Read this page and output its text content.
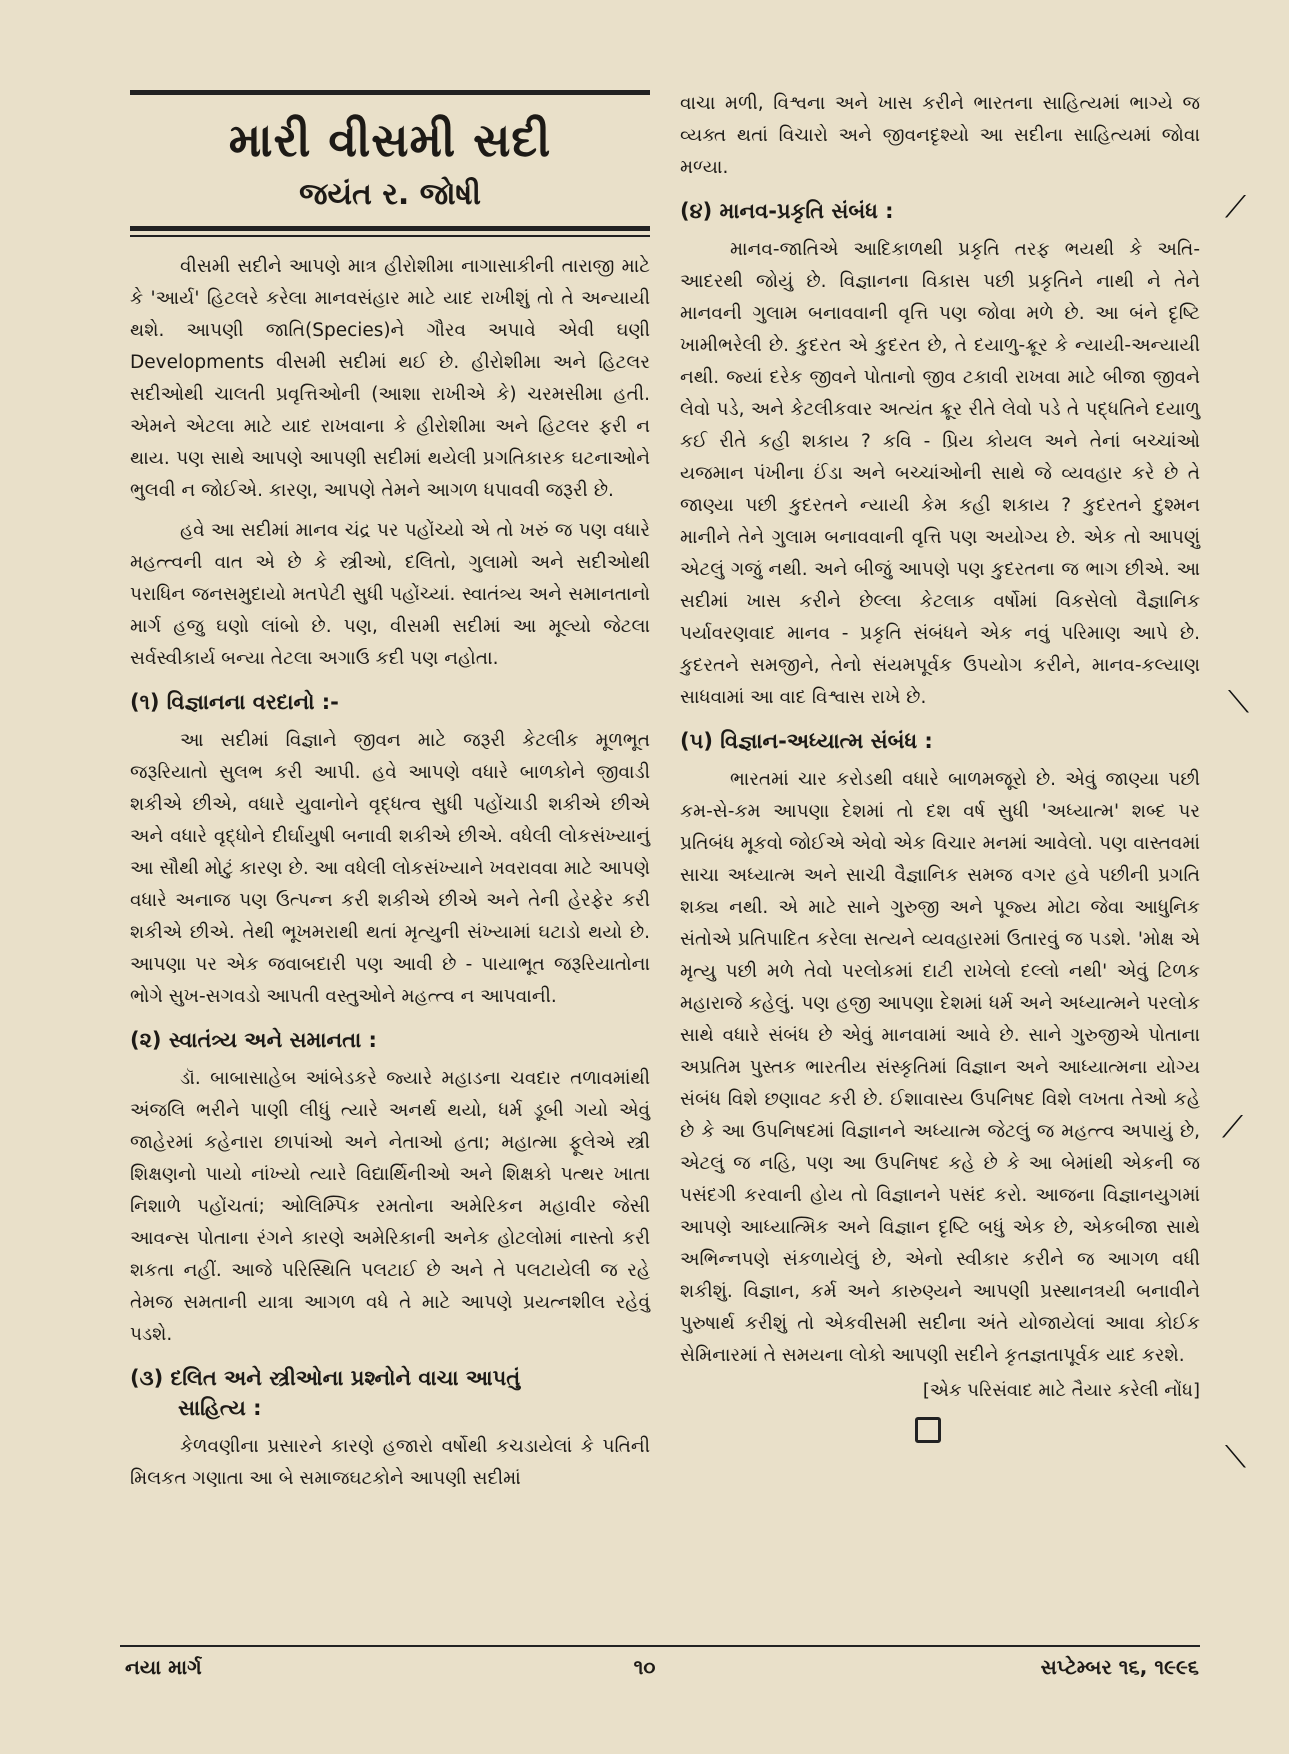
મારી વીસમી સદી
જયંત ર. જોષી

વીસમી સદીને આપણે માત્ર હીરોશીમા નાગાસાકીની તારાજી માટે કે 'આર્ય' હિટલરે કરેલા માનવસંહાર માટે યાદ રાખીશું તો તે અન્યાયી થશે. આપણી જાતિ(Species)ને ગૌરવ અપાવે એવી ઘણી Developments વીસમી સદીમાં થઈ છે. હીરોશીમા અને હિટલર સદીઓથી ચાલતી પ્રવૃત્તિઓની (આશા રાખીએ કે) ચરમસીમા હતી. એમને એટલા માટે યાદ રાખવાના કે હીરોશીમા અને હિટલર ફરી ન થાય. પણ સાથે આપણે આપણી સદીમાં થયેલી પ્રગતિકારક ઘટનાઓને ભુલવી ન જોઈએ. કારણ, આપણે તેમને આગળ ધપાવવી જરૂરી છે.

હવે આ સદીમાં માનવ ચંદ્ર પર પહોંચ્યો એ તો ખરું જ પણ વધારે મહત્ત્વની વાત એ છે કે સ્ત્રીઓ, દલિતો, ગુલામો અને સદીઓથી પરાધિન જનસમુદાયો મતપેટી સુધી પહોંચ્યાં. સ્વાતંત્ર્ય અને સમાનતાનો માર્ગ હજુ ઘણો લાંબો છે. પણ, વીસમી સદીમાં આ મૂલ્યો જેટલા સર્વસ્વીકાર્ય બન્યા તેટલા અગાઉ કદી પણ નહોતા.

(૧) વિજ્ઞાનના વરદાનો :-

આ સદીમાં વિજ્ઞાને જીવન માટે જરૂરી કેટલીક મૂળભૂત જરૂરિયાતો સુલભ કરી આપી. હવે આપણે વધારે બાળકોને જીવાડી શકીએ છીએ, વધારે યુવાનોને વૃદ્ધત્વ સુધી પહોંચાડી શકીએ છીએ અને વધારે વૃદ્ધોને દીર્ઘાયુષી બનાવી શકીએ છીએ. વધેલી લોકસંખ્યાનું આ સૌથી મોટું કારણ છે. આ વધેલી લોકસંખ્યાને ખવરાવવા માટે આપણે વધારે અનાજ પણ ઉત્પન્ન કરી શકીએ છીએ અને તેની હેરફેર કરી શકીએ છીએ. તેથી ભૂખમરાથી થતાં મૃત્યુની સંખ્યામાં ઘટાડો થયો છે. આપણા પર એક જવાબદારી પણ આવી છે - પાયાભૂત જરૂરિયાતોના ભોગે સુખ-સગવડો આપતી વસ્તુઓને મહત્ત્વ ન આપવાની.

(૨) સ્વાતંત્ર્ય અને સમાનતા :

ડૉ. બાબાસાહેબ આંબેડકરે જ્યારે મહાડના ચવદાર તળાવમાંથી અંજલિ ભરીને પાણી લીધું ત્યારે અનર્થ થયો, ધર્મ ડૂબી ગયો એવું જાહેરમાં કહેનારા છાપાંઓ અને નેતાઓ હતા; મહાત્મા ફૂલેએ સ્ત્રી શિક્ષણનો પાયો નાંખ્યો ત્યારે વિદ્યાર્થિનીઓ અને શિક્ષકો પત્થર ખાતા નિશાળે પહોંચતાં; ઓલિમ્પિક રમતોના અમેરિકન મહાવીર જેસી આવન્સ પોતાના રંગને કારણે અમેરિકાની અનેક હોટલોમાં નાસ્તો કરી શકતા નહીં. આજે પરિસ્થિતિ પલટાઈ છે અને તે પલટાયેલી જ રહે તેમજ સમતાની યાત્રા આગળ વધે તે માટે આપણે પ્રયત્નશીલ રહેવું પડશે.

(૩) દલિત અને સ્ત્રીઓના પ્રશ્નોને વાચા આપતું
સાહિત્ય :

કેળવણીના પ્રસારને કારણે હજારો વર્ષોથી કચડાયેલાં કે પતિની મિલકત ગણાતા આ બે સમાજઘટકોને આપણી સદીમાં

વાચા મળી, વિશ્વના અને ખાસ કરીને ભારતના સાહિત્યમાં ભાગ્યે જ વ્યક્ત થતાં વિચારો અને જીવનદૃશ્યો આ સદીના સાહિત્યમાં જોવા મળ્યા.

(૪) માનવ-પ્રકૃતિ સંબંધ :

માનવ-જાતિએ આદિકાળથી પ્રકૃતિ તરફ ભયથી કે અતિ-આદરથી જોયું છે. વિજ્ઞાનના વિકાસ પછી પ્રકૃતિને નાથી ને તેને માનવની ગુલામ બનાવવાની વૃત્તિ પણ જોવા મળે છે. આ બંને દૃષ્ટિ ખામીભરેલી છે. કુદરત એ કુદરત છે, તે દયાળુ-ક્રૂર કે ન્યાયી-અન્યાયી નથી. જ્યાં દરેક જીવને પોતાનો જીવ ટકાવી રાખવા માટે બીજા જીવને લેવો પડે, અને કેટલીકવાર અત્યંત ક્રૂર રીતે લેવો પડે તે પદ્ધતિને દયાળુ કઈ રીતે કહી શકાય ? કવિ - પ્રિય કોયલ અને તેનાં બચ્ચાંઓ યજમાન પંખીના ઈંડા અને બચ્ચાંઓની સાથે જે વ્યવહાર કરે છે તે જાણ્યા પછી કુદરતને ન્યાયી કેમ કહી શકાય ? કુદરતને દુશ્મન માનીને તેને ગુલામ બનાવવાની વૃત્તિ પણ અયોગ્ય છે. એક તો આપણું એટલું ગજું નથી. અને બીજું આપણે પણ કુદરતના જ ભાગ છીએ. આ સદીમાં ખાસ કરીને છેલ્લા કેટલાક વર્ષોમાં વિકસેલો વૈજ્ઞાનિક પર્યાવરણવાદ માનવ - પ્રકૃતિ સંબંધને એક નવું પરિમાણ આપે છે. કુદરતને સમજીને, તેનો સંયમપૂર્વક ઉપયોગ કરીને, માનવ-કલ્યાણ સાધવામાં આ વાદ વિશ્વાસ રાખે છે.

(૫) વિજ્ઞાન-અધ્યાત્મ સંબંધ :

ભારતમાં ચાર કરોડથી વધારે બાળમજૂરો છે. એવું જાણ્યા પછી કમ-સે-કમ આપણા દેશમાં તો દશ વર્ષ સુધી 'અધ્યાત્મ' શબ્દ પર પ્રતિબંધ મૂકવો જોઈએ એવો એક વિચાર મનમાં આવેલો. પણ વાસ્તવમાં સાચા અધ્યાત્મ અને સાચી વૈજ્ઞાનિક સમજ વગર હવે પછીની પ્રગતિ શક્ય નથી. એ માટે સાને ગુરુજી અને પૂજ્ય મોટા જેવા આધુનિક સંતોએ પ્રતિપાદિત કરેલા સત્યને વ્યવહારમાં ઉતારવું જ પડશે. 'મોક્ષ એ મૃત્યુ પછી મળે તેવો પરલોકમાં દાટી રાખેલો દલ્લો નથી' એવું ટિળક મહારાજે કહેલું. પણ હજી આપણા દેશમાં ધર્મ અને અધ્યાત્મને પરલોક સાથે વધારે સંબંધ છે એવું માનવામાં આવે છે. સાને ગુરુજીએ પોતાના અપ્રતિમ પુસ્તક ભારતીય સંસ્કૃતિમાં વિજ્ઞાન અને આધ્યાત્મના યોગ્ય સંબંધ વિશે છણાવટ કરી છે. ઈશાવાસ્ય ઉપનિષદ વિશે લખતા તેઓ કહે છે કે આ ઉપનિષદમાં વિજ્ઞાનને અધ્યાત્મ જેટલું જ મહત્ત્વ અપાયું છે, એટલું જ નહિ, પણ આ ઉપનિષદ કહે છે કે આ બેમાંથી એકની જ પસંદગી કરવાની હોય તો વિજ્ઞાનને પસંદ કરો. આજના વિજ્ઞાનયુગમાં આપણે આધ્યાત્મિક અને વિજ્ઞાન દૃષ્ટિ બધું એક છે, એકબીજા સાથે અભિન્નપણે સંકળાયેલું છે, એનો સ્વીકાર કરીને જ આગળ વધી શકીશું. વિજ્ઞાન, કર્મ અને કારુણ્યને આપણી પ્રસ્થાનત્રયી બનાવીને પુરુષાર્થ કરીશું તો એકવીસમી સદીના અંતે યોજાયેલાં આવા કોઈક સેમિનારમાં તે સમયના લોકો આપણી સદીને કૃતજ્ઞતાપૂર્વક યાદ કરશે.

[એક પરિસંવાદ માટે તૈયાર કરેલી નોંધ]
⟋
⟍
⟋
⟍
નયા માર્ગ	૧૦	સપ્ટેમ્બર ૧૬, ૧૯૯૬
